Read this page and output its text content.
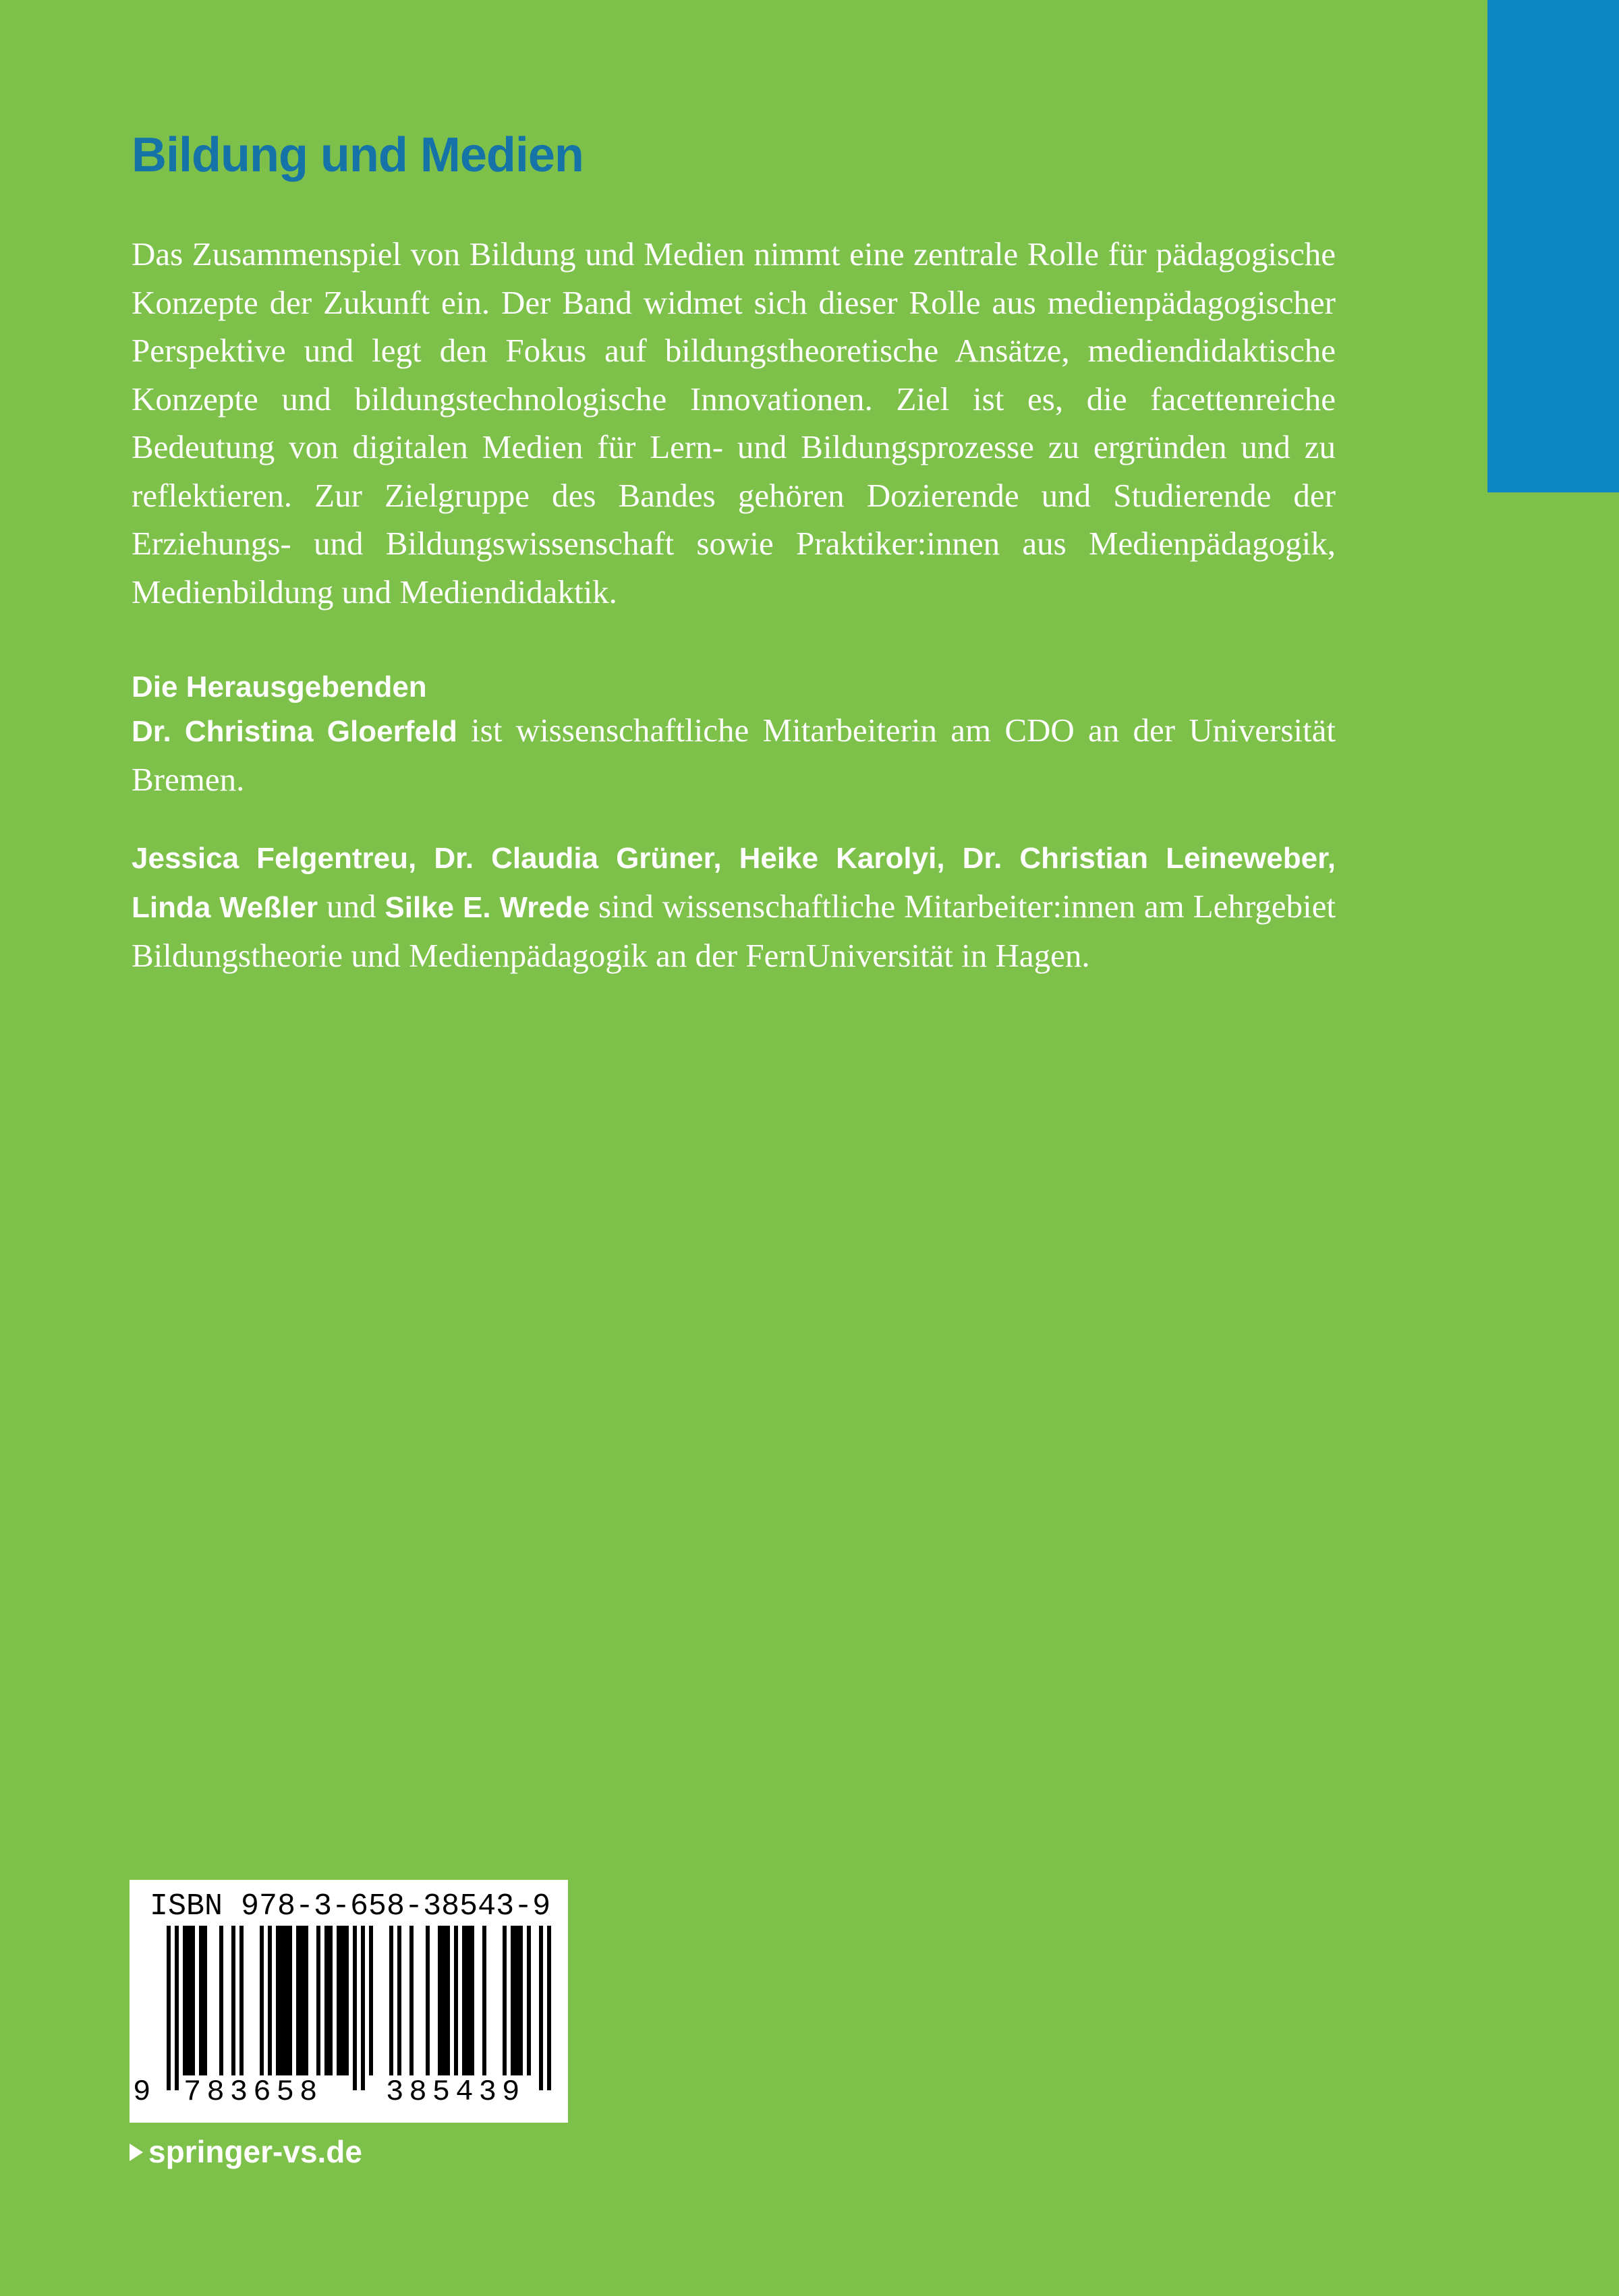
Bildung und Medien

Das Zusammenspiel von Bildung und Medien nimmt eine zentrale Rolle für pädagogische Konzepte der Zukunft ein. Der Band widmet sich dieser Rolle aus medienpädagogischer Perspektive und legt den Fokus auf bildungstheoretische Ansätze, mediendidaktische Konzepte und bildungstechnologische Innovationen. Ziel ist es, die facettenreiche Bedeutung von digitalen Medien für Lern- und Bildungsprozesse zu ergründen und zu reflektieren. Zur Zielgruppe des Bandes gehören Dozierende und Studierende der Erziehungs- und Bildungswissenschaft sowie Praktiker:innen aus Medienpädagogik, Medienbildung und Mediendidaktik.

Die Herausgebenden

Dr. Christina Gloerfeld ist wissenschaftliche Mitarbeiterin am CDO an der Universität Bremen.

Jessica Felgentreu, Dr. Claudia Grüner, Heike Karolyi, Dr. Christian Leineweber, Linda Weßler und Silke E. Wrede sind wissenschaftliche Mitarbeiter:innen am Lehrgebiet Bildungstheorie und Medienpädagogik an der FernUniversität in Hagen.

ISBN 978-3-658-38543-9
9 783658 385439
springer-vs.de
